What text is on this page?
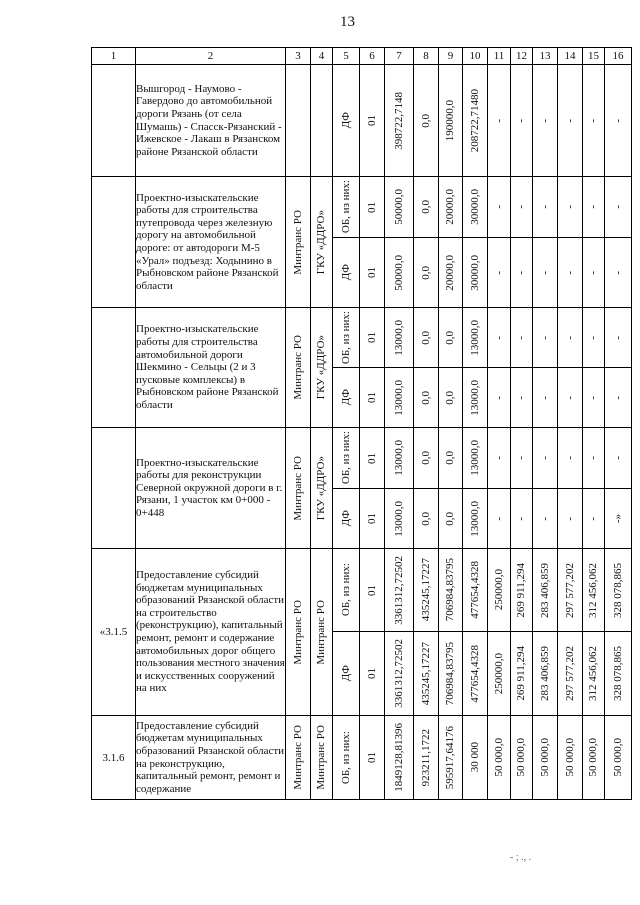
13
1	2	3	4	5	6	7	8	9	10	11	12	13	14	15	16
	Вышгород - Наумово - Гавердово до автомобильной дороги Рязань (от села Шумашь) - Спасск-Рязанский - Ижевское - Лакаш в Рязанском районе Рязанской области			ДФ	01	398722,7148	0,0	190000,0	208722,71480	-	-	-	-	-	-

	Проектно-изыскательские работы для строительства путепровода через железную дорогу на автомобильной дороге: от автодороги М-5 «Урал» подъезд: Ходынино в Рыбновском районе Рязанской области	Минтранс РО	ГКУ «ДДРО»	ОБ, из них:	01	50000,0	0,0	20000,0	30000,0	-	-	-	-	-	-

				ДФ	01	50000,0	0,0	20000,0	30000,0	-	-	-	-	-	-

	Проектно-изыскательские работы для строительства автомобильной дороги Шекмино - Сельцы (2 и 3 пусковые комплексы) в Рыбновском районе Рязанской области	Минтранс РО	ГКУ «ДДРО»	ОБ, из них:	01	13000,0	0,0	0,0	13000,0	-	-	-	-	-	-

				ДФ	01	13000,0	0,0	0,0	13000,0	-	-	-	-	-	-

	Проектно-изыскательские работы для реконструкции Северной окружной дороги в г. Рязани, 1 участок км 0+000 - 0+448	Минтранс РО	ГКУ «ДДРО»	ОБ, из них:	01	13000,0	0,0	0,0	13000,0	-	-	-	-	-	-

				ДФ	01	13000,0	0,0	0,0	13000,0	-	-	-	-	-	-»

«3.1.5	Предоставление субсидий бюджетам муниципальных образований Рязанской области на строительство (реконструкцию), капитальный ремонт, ремонт и содержание автомобильных дорог общего пользования местного значения и искусственных сооружений на них	Минтранс РО	Минтранс РО	ОБ, из них:	01	3361312,72502	435245,17227	706984,83795	477654,4328	250000,0	269 911,294	283 406,859	297 577,202	312 456,062	328 078,865

				ДФ	01	3361312,72502	435245,17227	706984,83795	477654,4328	250000,0	269 911,294	283 406,859	297 577,202	312 456,062	328 078,865

3.1.6	Предоставление субсидий бюджетам муниципальных образований Рязанской области на реконструкцию, капитальный ремонт, ремонт и содержание	Минтранс РО	Минтранс РО	ОБ, из них:	01	1849128,81396	923211,1722	595917,64176	30 000	50 000,0	50 000,0	50 000,0	50 000,0	50 000,0	50 000,0
- ; ., .
